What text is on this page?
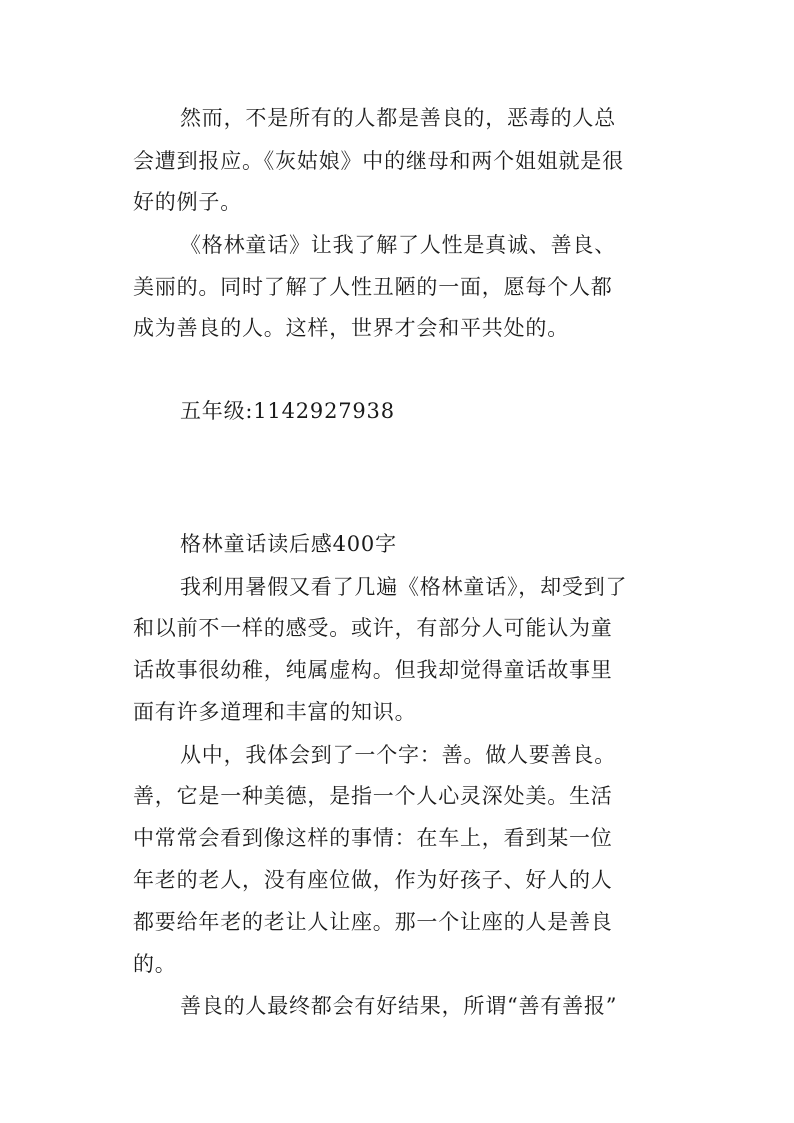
然而，不是所有的人都是善良的，恶毒的人总
会遭到报应。《灰姑娘》中的继母和两个姐姐就是很
好的例子。
《格林童话》让我了解了人性是真诚、善良、
美丽的。同时了解了人性丑陋的一面，愿每个人都
成为善良的人。这样，世界才会和平共处的。
五年级:1142927938
格林童话读后感400字
我利用暑假又看了几遍《格林童话》，却受到了
和以前不一样的感受。或许，有部分人可能认为童
话故事很幼稚，纯属虚构。但我却觉得童话故事里
面有许多道理和丰富的知识。
从中，我体会到了一个字：善。做人要善良。
善，它是一种美德，是指一个人心灵深处美。生活
中常常会看到像这样的事情：在车上，看到某一位
年老的老人，没有座位做，作为好孩子、好人的人
都要给年老的老让人让座。那一个让座的人是善良
的。
善良的人最终都会有好结果，所谓“善有善报”
